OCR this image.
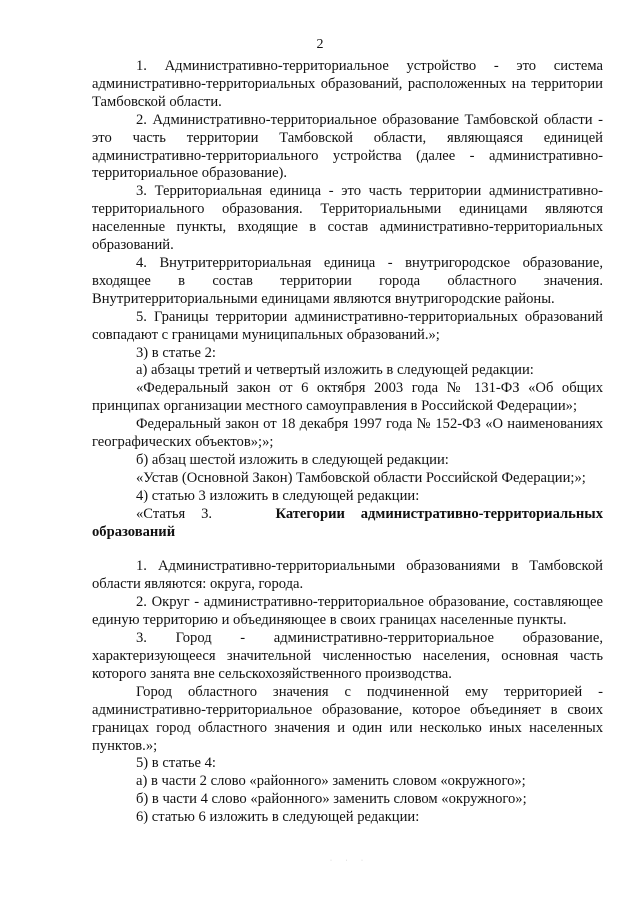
2

1. Административно-территориальное устройство - это система административно-территориальных образований, расположенных на территории Тамбовской области.

2. Административно-территориальное образование Тамбовской области - это часть территории Тамбовской области, являющаяся единицей административно-территориального устройства (далее - административно-территориальное образование).

3. Территориальная единица - это часть территории административно-территориального образования. Территориальными единицами являются населенные пункты, входящие в состав административно-территориальных образований.

4. Внутритерриториальная единица - внутригородское образование, входящее в состав территории города областного значения. Внутритерриториальными единицами являются внутригородские районы.

5. Границы территории административно-территориальных образований совпадают с границами муниципальных образований.»;

3) в статье 2:

а) абзацы третий и четвертый изложить в следующей редакции:

«Федеральный закон от 6 октября 2003 года № 131-ФЗ «Об общих принципах организации местного самоуправления в Российской Федерации»;

Федеральный закон от 18 декабря 1997 года № 152-ФЗ «О наименованиях географических объектов»;»;

б) абзац шестой изложить в следующей редакции:

«Устав (Основной Закон) Тамбовской области Российской Федерации;»;

4) статью 3 изложить в следующей редакции:

«Статья 3.	Категории административно-территориальных образований

1. Административно-территориальными образованиями в Тамбовской области являются: округа, города.

2. Округ - административно-территориальное образование, составляющее единую территорию и объединяющее в своих границах населенные пункты.

3. Город - административно-территориальное образование, характеризующееся значительной численностью населения, основная часть которого занята вне сельскохозяйственного производства.

Город областного значения с подчиненной ему территорией - административно-территориальное образование, которое объединяет в своих границах город областного значения и один или несколько иных населенных пунктов.»;

5) в статье 4:

а) в части 2 слово «районного» заменить словом «окружного»;

б) в части 4 слово «районного» заменить словом «окружного»;

6) статью 6 изложить в следующей редакции:

· · ·
